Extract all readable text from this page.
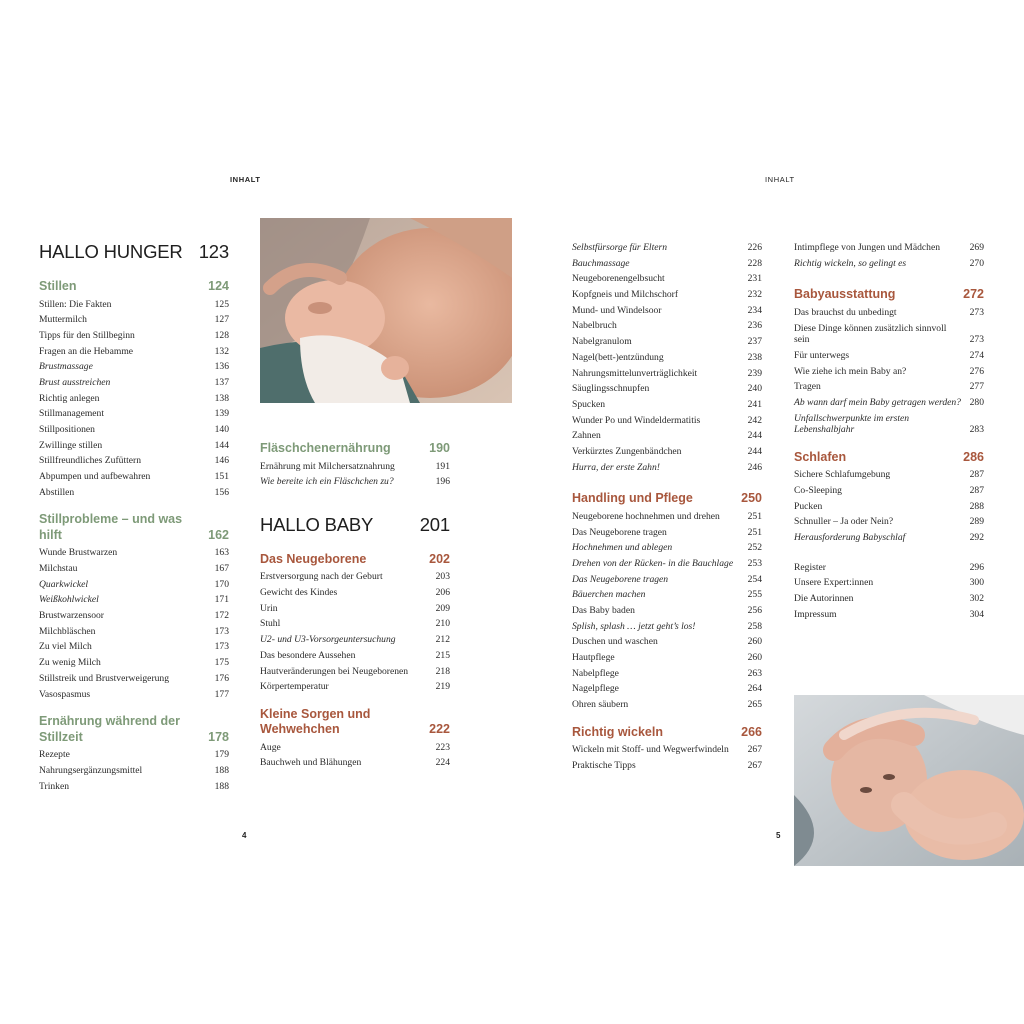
INHALT	INHALT
4	5
HALLO HUNGER 123
Stillen	124
Stillen: Die Fakten	125
Muttermilch	127
Tipps für den Stillbeginn	128
Fragen an die Hebamme	132
Brustmassage	136
Brust ausstreichen	137
Richtig anlegen	138
Stillmanagement	139
Stillpositionen	140
Zwillinge stillen	144
Stillfreundliches Zufüttern	146
Abpumpen und aufbewahren	151
Abstillen	156
Stillprobleme – und was hilft	162
Wunde Brustwarzen	163
Milchstau	167
Quarkwickel	170
Weißkohlwickel	171
Brustwarzensoor	172
Milchbläschen	173
Zu viel Milch	173
Zu wenig Milch	175
Stillstreik und Brustverweigerung	176
Vasospasmus	177
Ernährung während der Stillzeit	178
Rezepte	179
Nahrungsergänzungsmittel	188
Trinken	188
Fläschchenernährung	190
Ernährung mit Milchersatznahrung	191
Wie bereite ich ein Fläschchen zu?	196
HALLO BABY	201
Das Neugeborene	202
Erstversorgung nach der Geburt	203
Gewicht des Kindes	206
Urin	209
Stuhl	210
U2- und U3-Vorsorgeuntersuchung	212
Das besondere Aussehen	215
Hautveränderungen bei Neugeborenen	218
Körpertemperatur	219
Kleine Sorgen und Wehwehchen	222
Auge	223
Bauchweh und Blähungen	224
Selbstfürsorge für Eltern	226
Bauchmassage	228
Neugeborenengelbsucht	231
Kopfgneis und Milchschorf	232
Mund- und Windelsoor	234
Nabelbruch	236
Nabelgranulom	237
Nagel(bett-)entzündung	238
Nahrungsmittelunverträglichkeit	239
Säuglingsschnupfen	240
Spucken	241
Wunder Po und Windeldermatitis	242
Zahnen	244
Verkürztes Zungenbändchen	244
Hurra, der erste Zahn!	246
Handling und Pflege	250
Neugeborene hochnehmen und drehen	251
Das Neugeborene tragen	251
Hochnehmen und ablegen	252
Drehen von der Rücken- in die Bauchlage	253
Das Neugeborene tragen	254
Bäuerchen machen	255
Das Baby baden	256
Splish, splash … jetzt geht’s los!	258
Duschen und waschen	260
Hautpflege	260
Nabelpflege	263
Nagelpflege	264
Ohren säubern	265
Richtig wickeln	266
Wickeln mit Stoff- und Wegwerfwindeln	267
Praktische Tipps	267
Intimpflege von Jungen und Mädchen	269
Richtig wickeln, so gelingt es	270
Babyausstattung	272
Das brauchst du unbedingt	273
Diese Dinge können zusätzlich sinnvoll sein	273
Für unterwegs	274
Wie ziehe ich mein Baby an?	276
Tragen	277
Ab wann darf mein Baby getragen werden? 280
Unfallschwerpunkte im ersten Lebenshalbjahr	283
Schlafen	286
Sichere Schlafumgebung	287
Co-Sleeping	287
Pucken	288
Schnuller – Ja oder Nein?	289
Herausforderung Babyschlaf	292
Register	296
Unsere Expert:innen	300
Die Autorinnen	302
Impressum	304
